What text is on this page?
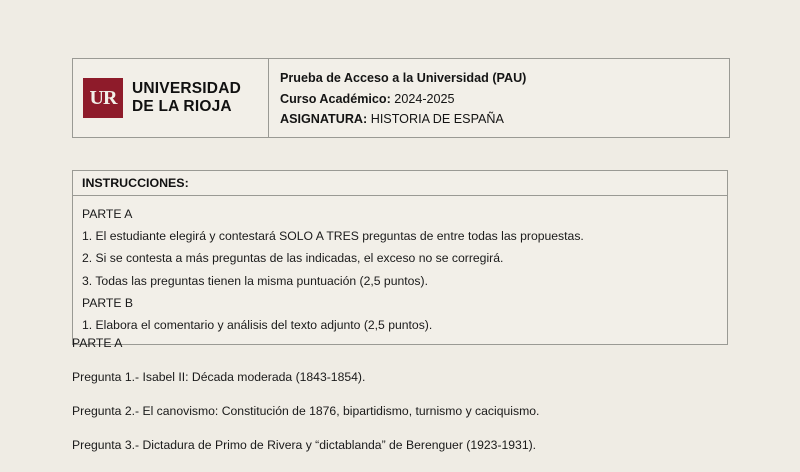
UR	UNIVERSIDAD
DE LA RIOJA
Prueba de Acceso a la Universidad (PAU)
Curso Académico: 2024-2025
ASIGNATURA: HISTORIA DE ESPAÑA
INSTRUCCIONES:
PARTE A
1. El estudiante elegirá y contestará SOLO A TRES preguntas de entre todas las propuestas.
2. Si se contesta a más preguntas de las indicadas, el exceso no se corregirá.
3. Todas las preguntas tienen la misma puntuación (2,5 puntos).
PARTE B
1. Elabora el comentario y análisis del texto adjunto (2,5 puntos).
PARTE A
Pregunta 1.- Isabel II: Década moderada (1843-1854).
Pregunta 2.- El canovismo: Constitución de 1876, bipartidismo, turnismo y caciquismo.
Pregunta 3.- Dictadura de Primo de Rivera y “dictablanda” de Berenguer (1923-1931).
